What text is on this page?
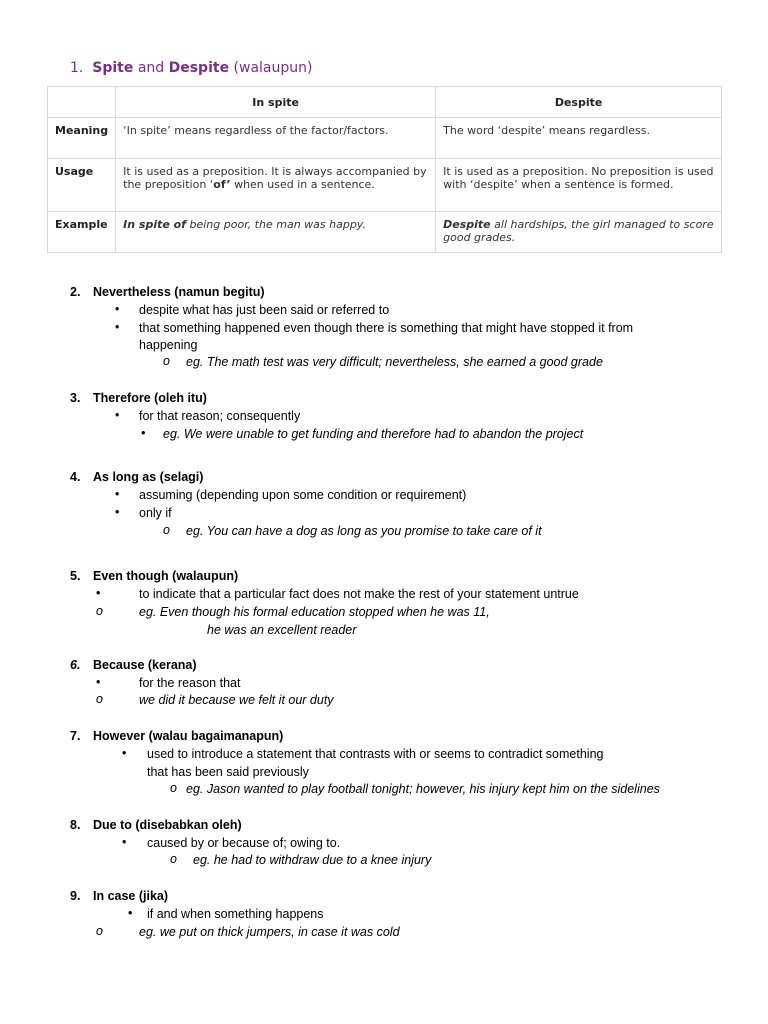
1. Spite and Despite (walaupun)
	In spite	Despite
Meaning	‘In spite’ means regardless of the factor/factors.	The word ‘despite’ means regardless.
Usage	It is used as a preposition. It is always accompanied by the preposition ‘of’ when used in a sentence.	It is used as a preposition. No preposition is used with ‘despite’ when a sentence is formed.
Example	In spite of being poor, the man was happy.	Despite all hardships, the girl managed to score good grades.
2. Nevertheless (namun begitu)
• despite what has just been said or referred to
• that something happened even though there is something that might have stopped it from
happening
o eg. The math test was very difficult; nevertheless, she earned a good grade
3. Therefore (oleh itu)
• for that reason; consequently
• eg. We were unable to get funding and therefore had to abandon the project
4. As long as (selagi)
• assuming (depending upon some condition or requirement)
• only if
o eg. You can have a dog as long as you promise to take care of it
5. Even though (walaupun)
•	to indicate that a particular fact does not make the rest of your statement untrue
o	eg. Even though his formal education stopped when he was 11,
he was an excellent reader
6. Because (kerana)
•	for the reason that
o	we did it because we felt it our duty
7. However (walau bagaimanapun)
• used to introduce a statement that contrasts with or seems to contradict something
that has been said previously
o eg. Jason wanted to play football tonight; however, his injury kept him on the sidelines
8. Due to (disebabkan oleh)
• caused by or because of; owing to.
o eg. he had to withdraw due to a knee injury
9. In case (jika)
• if and when something happens
o	eg. we put on thick jumpers, in case it was cold
